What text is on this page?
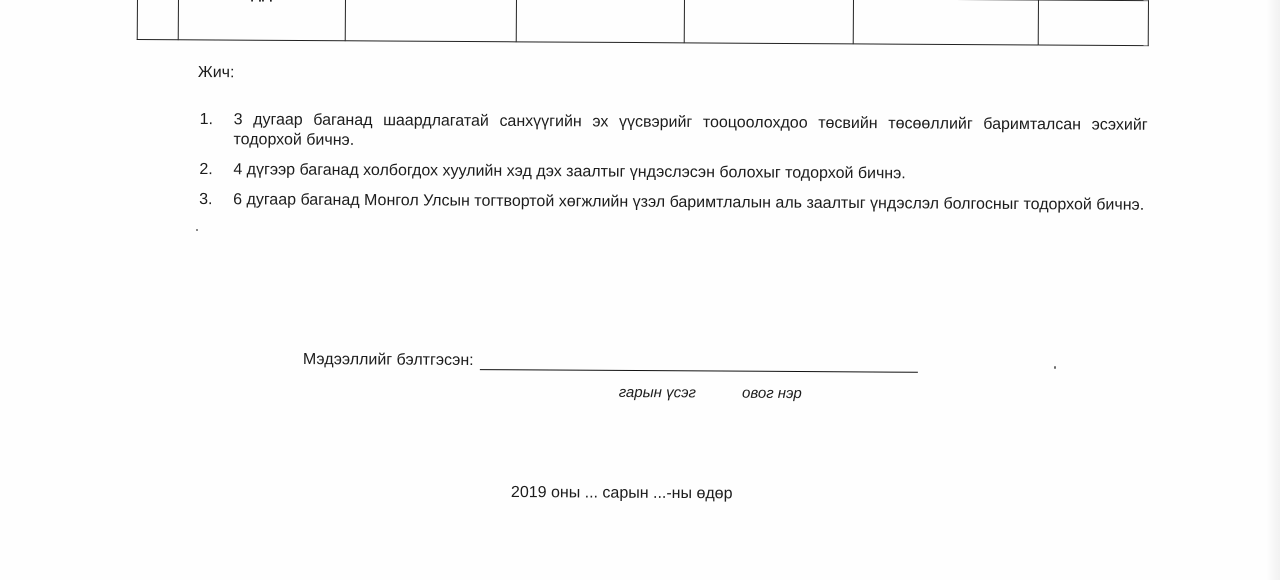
Жич:
1.	3 дугаар баганад шаардлагатай санхүүгийн эх үүсвэрийг тооцоолохдоо төсвийн төсөөллийг баримталсан эсэхийг тодорхой бичнэ.
2.	4 дүгээр баганад холбогдох хуулийн хэд дэх заалтыг үндэслэсэн болохыг тодорхой бичнэ.
3.	6 дугаар баганад Монгол Улсын тогтвортой хөгжлийн үзэл баримтлалын аль заалтыг үндэслэл болгосныг тодорхой бичнэ.
Мэдээллийг бэлтгэсэн:
гарын үсэг	овог нэр
2019 оны ... сарын ...-ны өдөр
